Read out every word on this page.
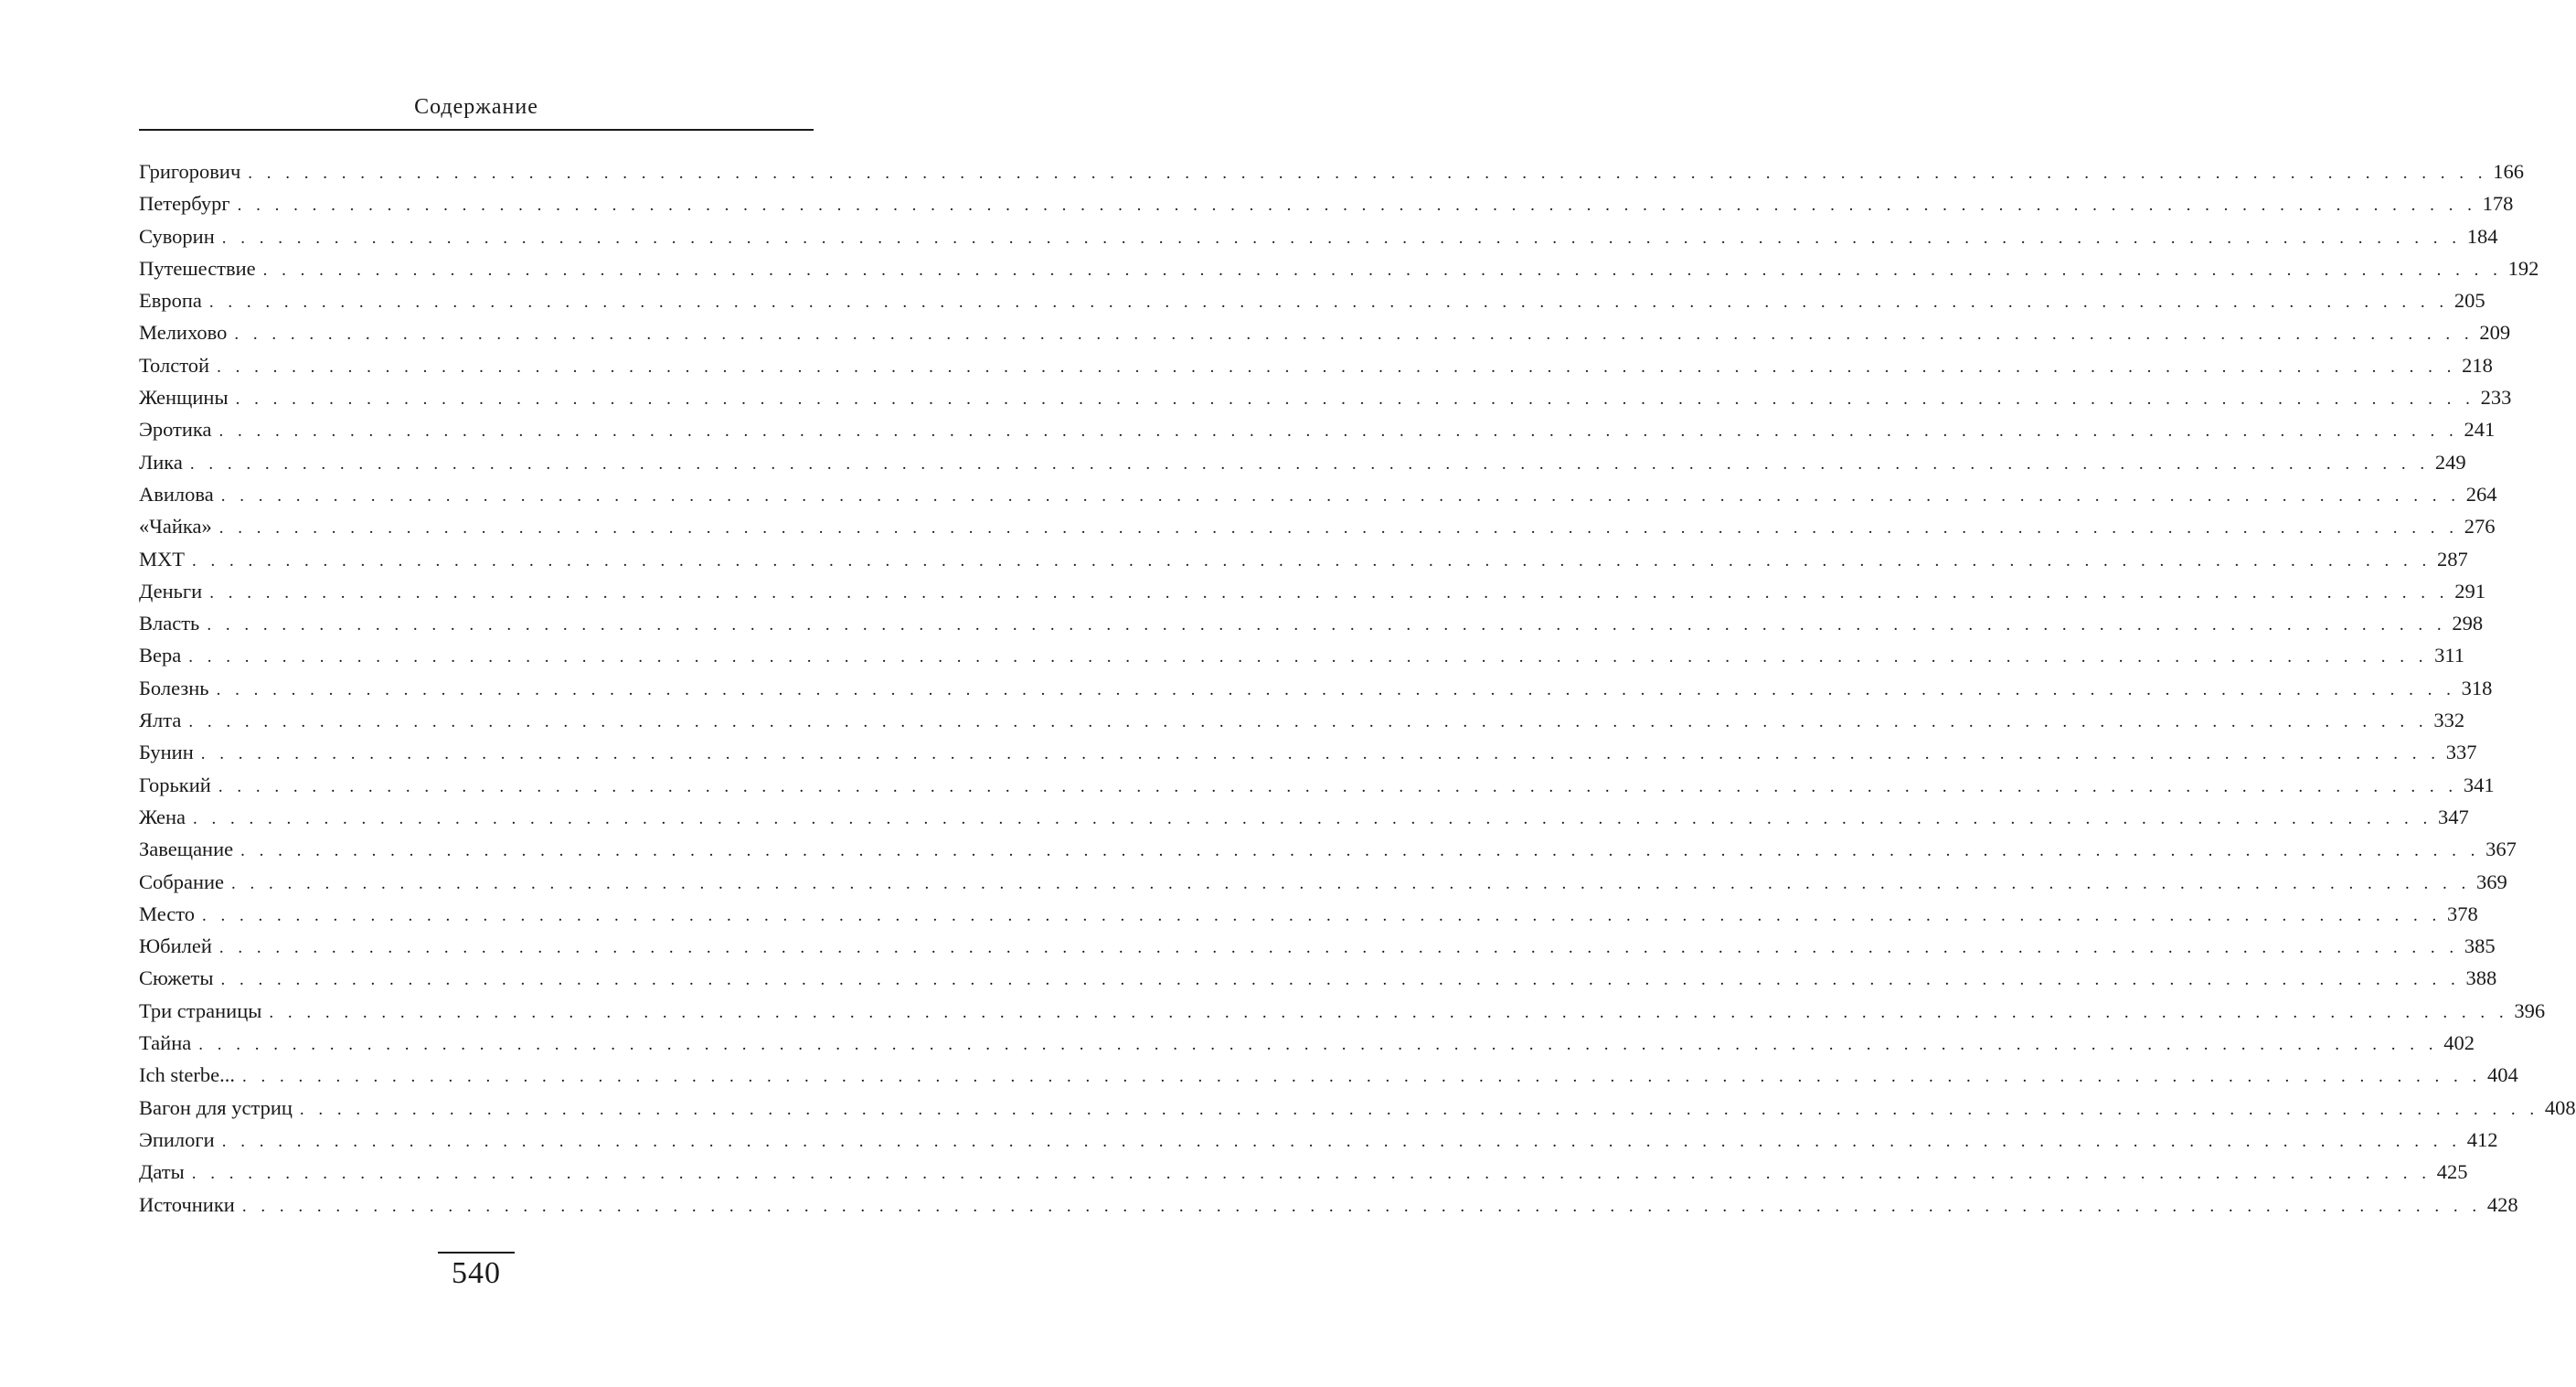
Содержание
Григорович . . . . . . . . . . . . . . . . . . . . . . . . . . . . . . . . . . . . . . . . . . . . . . . . . . . . . . . . . . . . . . . . . . . . . . . . . . . . . . . . . . . . . . . . . . . . . . . . . . . . . . . . . . . . . . . . . . . . . . . . 166
Петербург . . . . . . . . . . . . . . . . . . . . . . . . . . . . . . . . . . . . . . . . . . . . . . . . . . . . . . . . . . . . . . . . . . . . . . . . . . . . . . . . . . . . . . . . . . . . . . . . . . . . . . . . . . . . . . . . . . . . . . . . 178
Суворин . . . . . . . . . . . . . . . . . . . . . . . . . . . . . . . . . . . . . . . . . . . . . . . . . . . . . . . . . . . . . . . . . . . . . . . . . . . . . . . . . . . . . . . . . . . . . . . . . . . . . . . . . . . . . . . . . . . . . . . . 184
Путешествие . . . . . . . . . . . . . . . . . . . . . . . . . . . . . . . . . . . . . . . . . . . . . . . . . . . . . . . . . . . . . . . . . . . . . . . . . . . . . . . . . . . . . . . . . . . . . . . . . . . . . . . . . . . . . . . . . . . . . . . . 192
Европа . . . . . . . . . . . . . . . . . . . . . . . . . . . . . . . . . . . . . . . . . . . . . . . . . . . . . . . . . . . . . . . . . . . . . . . . . . . . . . . . . . . . . . . . . . . . . . . . . . . . . . . . . . . . . . . . . . . . . . . . 205
Мелихово . . . . . . . . . . . . . . . . . . . . . . . . . . . . . . . . . . . . . . . . . . . . . . . . . . . . . . . . . . . . . . . . . . . . . . . . . . . . . . . . . . . . . . . . . . . . . . . . . . . . . . . . . . . . . . . . . . . . . . . . 209
Толстой . . . . . . . . . . . . . . . . . . . . . . . . . . . . . . . . . . . . . . . . . . . . . . . . . . . . . . . . . . . . . . . . . . . . . . . . . . . . . . . . . . . . . . . . . . . . . . . . . . . . . . . . . . . . . . . . . . . . . . . . 218
Женщины . . . . . . . . . . . . . . . . . . . . . . . . . . . . . . . . . . . . . . . . . . . . . . . . . . . . . . . . . . . . . . . . . . . . . . . . . . . . . . . . . . . . . . . . . . . . . . . . . . . . . . . . . . . . . . . . . . . . . . . . 233
Эротика . . . . . . . . . . . . . . . . . . . . . . . . . . . . . . . . . . . . . . . . . . . . . . . . . . . . . . . . . . . . . . . . . . . . . . . . . . . . . . . . . . . . . . . . . . . . . . . . . . . . . . . . . . . . . . . . . . . . . . . . 241
Лика . . . . . . . . . . . . . . . . . . . . . . . . . . . . . . . . . . . . . . . . . . . . . . . . . . . . . . . . . . . . . . . . . . . . . . . . . . . . . . . . . . . . . . . . . . . . . . . . . . . . . . . . . . . . . . . . . . . . . . . . 249
Авилова . . . . . . . . . . . . . . . . . . . . . . . . . . . . . . . . . . . . . . . . . . . . . . . . . . . . . . . . . . . . . . . . . . . . . . . . . . . . . . . . . . . . . . . . . . . . . . . . . . . . . . . . . . . . . . . . . . . . . . . . 264
«Чайка» . . . . . . . . . . . . . . . . . . . . . . . . . . . . . . . . . . . . . . . . . . . . . . . . . . . . . . . . . . . . . . . . . . . . . . . . . . . . . . . . . . . . . . . . . . . . . . . . . . . . . . . . . . . . . . . . . . . . . . . . 276
МХТ . . . . . . . . . . . . . . . . . . . . . . . . . . . . . . . . . . . . . . . . . . . . . . . . . . . . . . . . . . . . . . . . . . . . . . . . . . . . . . . . . . . . . . . . . . . . . . . . . . . . . . . . . . . . . . . . . . . . . . . . 287
Деньги . . . . . . . . . . . . . . . . . . . . . . . . . . . . . . . . . . . . . . . . . . . . . . . . . . . . . . . . . . . . . . . . . . . . . . . . . . . . . . . . . . . . . . . . . . . . . . . . . . . . . . . . . . . . . . . . . . . . . . . . 291
Власть . . . . . . . . . . . . . . . . . . . . . . . . . . . . . . . . . . . . . . . . . . . . . . . . . . . . . . . . . . . . . . . . . . . . . . . . . . . . . . . . . . . . . . . . . . . . . . . . . . . . . . . . . . . . . . . . . . . . . . . . 298
Вера . . . . . . . . . . . . . . . . . . . . . . . . . . . . . . . . . . . . . . . . . . . . . . . . . . . . . . . . . . . . . . . . . . . . . . . . . . . . . . . . . . . . . . . . . . . . . . . . . . . . . . . . . . . . . . . . . . . . . . . . 311
Болезнь . . . . . . . . . . . . . . . . . . . . . . . . . . . . . . . . . . . . . . . . . . . . . . . . . . . . . . . . . . . . . . . . . . . . . . . . . . . . . . . . . . . . . . . . . . . . . . . . . . . . . . . . . . . . . . . . . . . . . . . . 318
Ялта . . . . . . . . . . . . . . . . . . . . . . . . . . . . . . . . . . . . . . . . . . . . . . . . . . . . . . . . . . . . . . . . . . . . . . . . . . . . . . . . . . . . . . . . . . . . . . . . . . . . . . . . . . . . . . . . . . . . . . . . 332
Бунин . . . . . . . . . . . . . . . . . . . . . . . . . . . . . . . . . . . . . . . . . . . . . . . . . . . . . . . . . . . . . . . . . . . . . . . . . . . . . . . . . . . . . . . . . . . . . . . . . . . . . . . . . . . . . . . . . . . . . . . . 337
Горький . . . . . . . . . . . . . . . . . . . . . . . . . . . . . . . . . . . . . . . . . . . . . . . . . . . . . . . . . . . . . . . . . . . . . . . . . . . . . . . . . . . . . . . . . . . . . . . . . . . . . . . . . . . . . . . . . . . . . . . . 341
Жена . . . . . . . . . . . . . . . . . . . . . . . . . . . . . . . . . . . . . . . . . . . . . . . . . . . . . . . . . . . . . . . . . . . . . . . . . . . . . . . . . . . . . . . . . . . . . . . . . . . . . . . . . . . . . . . . . . . . . . . . 347
Завещание . . . . . . . . . . . . . . . . . . . . . . . . . . . . . . . . . . . . . . . . . . . . . . . . . . . . . . . . . . . . . . . . . . . . . . . . . . . . . . . . . . . . . . . . . . . . . . . . . . . . . . . . . . . . . . . . . . . . . . . . 367
Собрание . . . . . . . . . . . . . . . . . . . . . . . . . . . . . . . . . . . . . . . . . . . . . . . . . . . . . . . . . . . . . . . . . . . . . . . . . . . . . . . . . . . . . . . . . . . . . . . . . . . . . . . . . . . . . . . . . . . . . . . . 369
Место . . . . . . . . . . . . . . . . . . . . . . . . . . . . . . . . . . . . . . . . . . . . . . . . . . . . . . . . . . . . . . . . . . . . . . . . . . . . . . . . . . . . . . . . . . . . . . . . . . . . . . . . . . . . . . . . . . . . . . . . 378
Юбилей . . . . . . . . . . . . . . . . . . . . . . . . . . . . . . . . . . . . . . . . . . . . . . . . . . . . . . . . . . . . . . . . . . . . . . . . . . . . . . . . . . . . . . . . . . . . . . . . . . . . . . . . . . . . . . . . . . . . . . . . 385
Сюжеты . . . . . . . . . . . . . . . . . . . . . . . . . . . . . . . . . . . . . . . . . . . . . . . . . . . . . . . . . . . . . . . . . . . . . . . . . . . . . . . . . . . . . . . . . . . . . . . . . . . . . . . . . . . . . . . . . . . . . . . . 388
Три страницы . . . . . . . . . . . . . . . . . . . . . . . . . . . . . . . . . . . . . . . . . . . . . . . . . . . . . . . . . . . . . . . . . . . . . . . . . . . . . . . . . . . . . . . . . . . . . . . . . . . . . . . . . . . . . . . . . . . . . . . . 396
Тайна . . . . . . . . . . . . . . . . . . . . . . . . . . . . . . . . . . . . . . . . . . . . . . . . . . . . . . . . . . . . . . . . . . . . . . . . . . . . . . . . . . . . . . . . . . . . . . . . . . . . . . . . . . . . . . . . . . . . . . . . 402
Ich sterbe... . . . . . . . . . . . . . . . . . . . . . . . . . . . . . . . . . . . . . . . . . . . . . . . . . . . . . . . . . . . . . . . . . . . . . . . . . . . . . . . . . . . . . . . . . . . . . . . . . . . . . . . . . . . . . . . . . . . . . . . . 404
Вагон для устриц . . . . . . . . . . . . . . . . . . . . . . . . . . . . . . . . . . . . . . . . . . . . . . . . . . . . . . . . . . . . . . . . . . . . . . . . . . . . . . . . . . . . . . . . . . . . . . . . . . . . . . . . . . . . . . . . . . . . . . . . 408
Эпилоги . . . . . . . . . . . . . . . . . . . . . . . . . . . . . . . . . . . . . . . . . . . . . . . . . . . . . . . . . . . . . . . . . . . . . . . . . . . . . . . . . . . . . . . . . . . . . . . . . . . . . . . . . . . . . . . . . . . . . . . . 412
Даты . . . . . . . . . . . . . . . . . . . . . . . . . . . . . . . . . . . . . . . . . . . . . . . . . . . . . . . . . . . . . . . . . . . . . . . . . . . . . . . . . . . . . . . . . . . . . . . . . . . . . . . . . . . . . . . . . . . . . . . . 425
Источники . . . . . . . . . . . . . . . . . . . . . . . . . . . . . . . . . . . . . . . . . . . . . . . . . . . . . . . . . . . . . . . . . . . . . . . . . . . . . . . . . . . . . . . . . . . . . . . . . . . . . . . . . . . . . . . . . . . . . . . . 428
540
